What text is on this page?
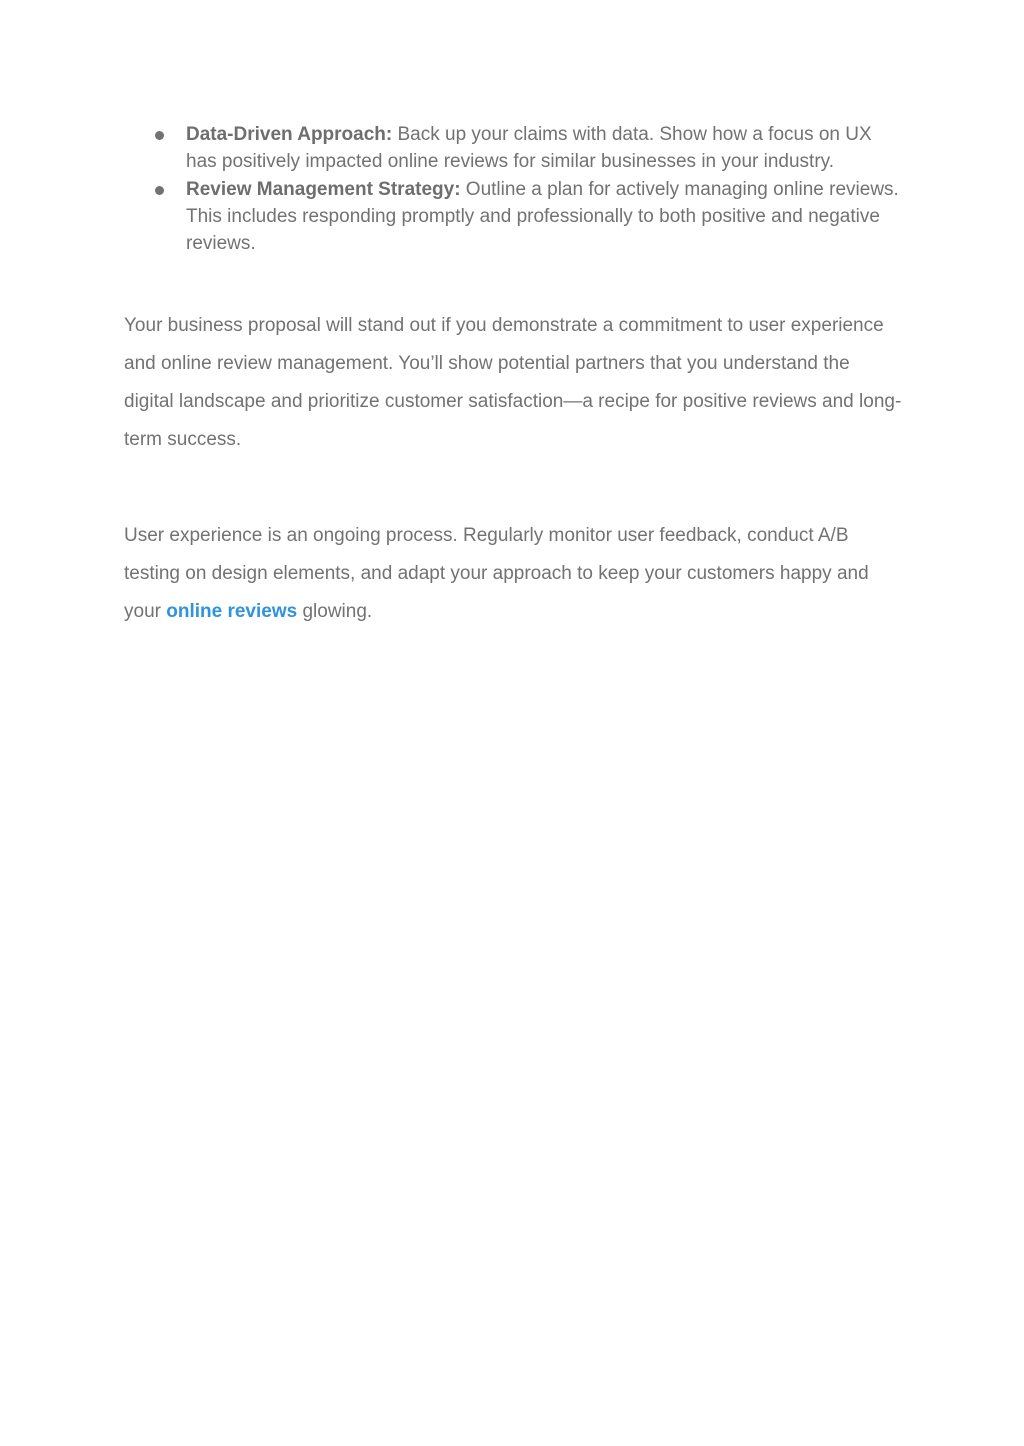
Data-Driven Approach: Back up your claims with data. Show how a focus on UX has positively impacted online reviews for similar businesses in your industry.
Review Management Strategy: Outline a plan for actively managing online reviews. This includes responding promptly and professionally to both positive and negative reviews.

Your business proposal will stand out if you demonstrate a commitment to user experience and online review management. You’ll show potential partners that you understand the digital landscape and prioritize customer satisfaction—a recipe for positive reviews and long-term success.

User experience is an ongoing process. Regularly monitor user feedback, conduct A/B testing on design elements, and adapt your approach to keep your customers happy and your online reviews glowing.
